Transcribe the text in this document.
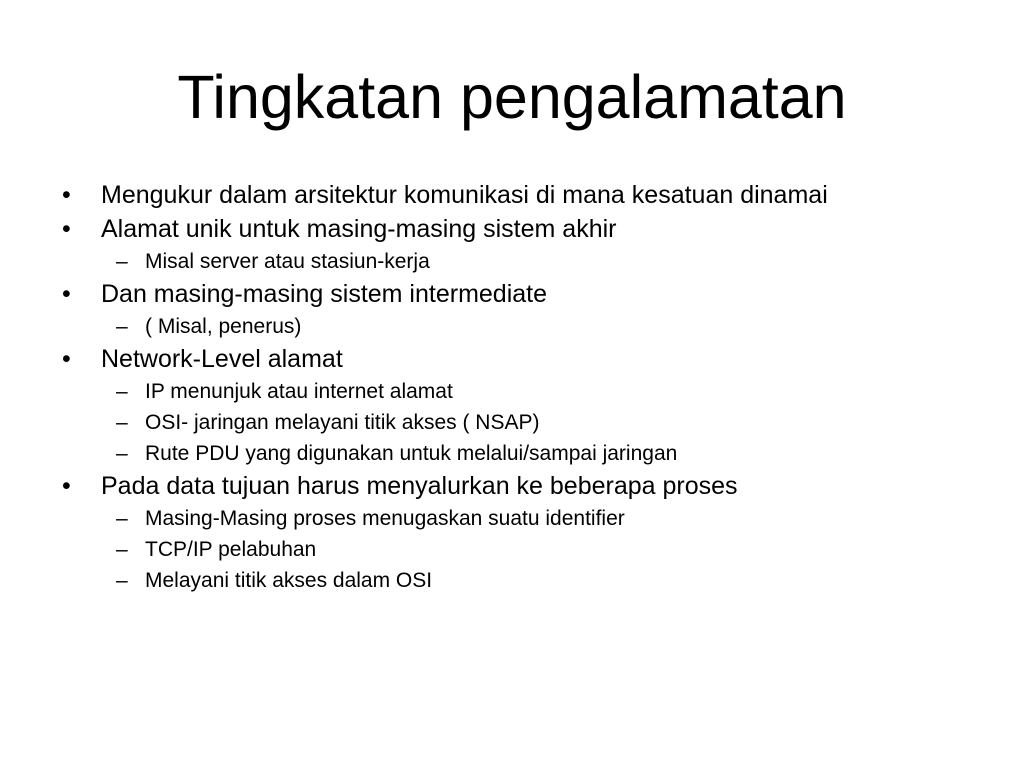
Tingkatan pengalamatan
• Mengukur dalam arsitektur komunikasi di mana kesatuan dinamai
• Alamat unik untuk masing-masing sistem akhir
– Misal server atau stasiun-kerja
• Dan masing-masing sistem intermediate
– ( Misal, penerus)
• Network-Level alamat
– IP menunjuk atau internet alamat
– OSI- jaringan melayani titik akses ( NSAP)
– Rute PDU yang digunakan untuk melalui/sampai jaringan
• Pada data tujuan harus menyalurkan ke beberapa proses
– Masing-Masing proses menugaskan suatu identifier
– TCP/IP pelabuhan
– Melayani titik akses dalam OSI
